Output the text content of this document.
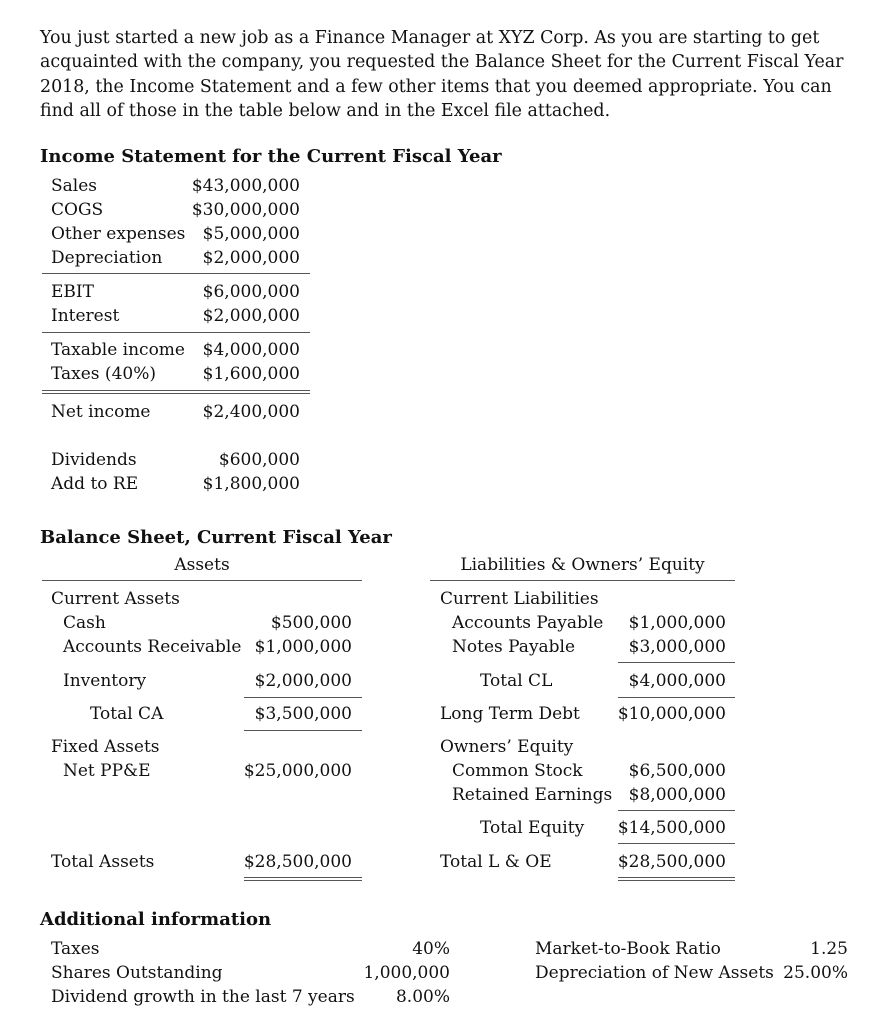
You just started a new job as a Finance Manager at XYZ Corp. As you are starting to get
acquainted with the company, you requested the Balance Sheet for the Current Fiscal Year
2018, the Income Statement and a few other items that you deemed appropriate. You can
find all of those in the table below and in the Excel file attached.
Income Statement for the Current Fiscal Year
Sales	$43,000,000
COGS	$30,000,000
Other expenses	$5,000,000
Depreciation	$2,000,000
EBIT	$6,000,000
Interest	$2,000,000
Taxable income	$4,000,000
Taxes (40%)	$1,600,000
Net income	$2,400,000
Dividends	$600,000
Add to RE	$1,800,000
Balance Sheet, Current Fiscal Year
Assets	Liabilities & Owners’ Equity
Current Assets
Cash	$500,000
Accounts Receivable $1,000,000
Inventory	$2,000,000
Total CA	$3,500,000
Fixed Assets
Net PP&E	$25,000,000
Total Assets	$28,500,000
Current Liabilities
Accounts Payable	$1,000,000
Notes Payable	$3,000,000
Total CL	$4,000,000
Long Term Debt	$10,000,000
Owners’ Equity
Common Stock	$6,500,000
Retained Earnings $8,000,000
Total Equity	$14,500,000
Total L & OE	$28,500,000
Additional information
Taxes	40%
Shares Outstanding	1,000,000
Dividend growth in the last 7 years	8.00%
Market-to-Book Ratio	1.25
Depreciation of New Assets 25.00%
